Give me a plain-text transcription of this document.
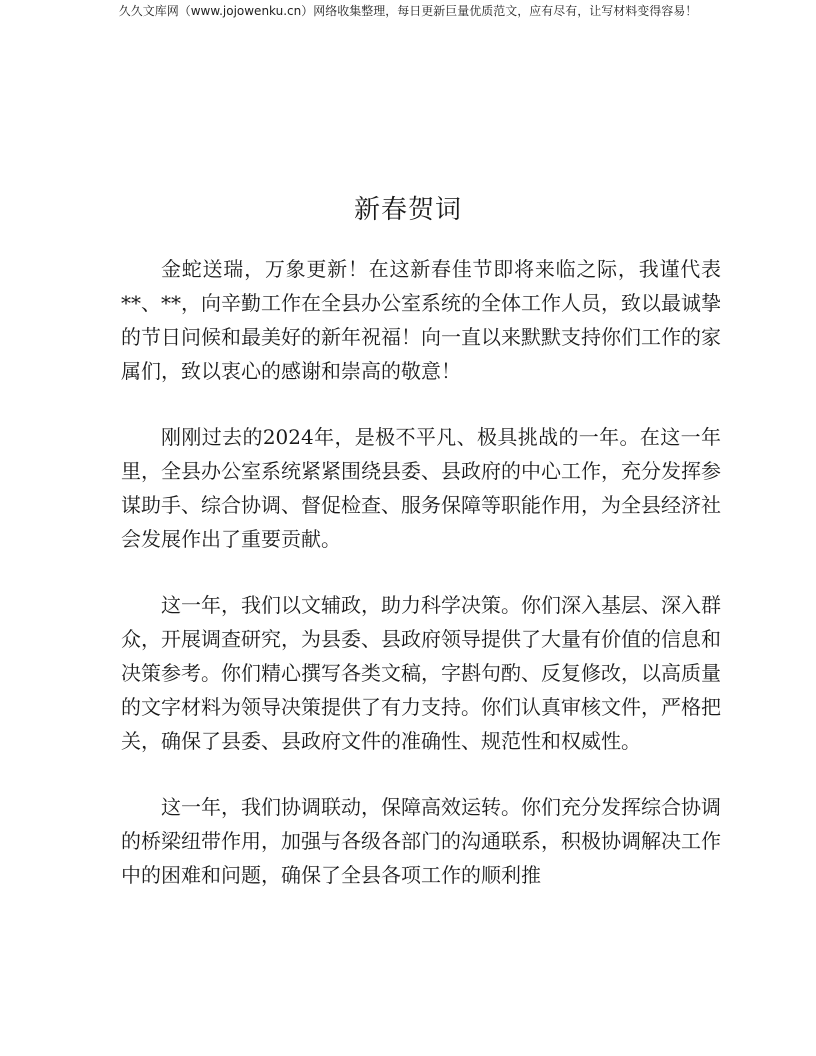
久久文库网（www.jojowenku.cn）网络收集整理，每日更新巨量优质范文，应有尽有，让写材料变得容易！
新春贺词

金蛇送瑞，万象更新！在这新春佳节即将来临之际，我谨代表**、**，向辛勤工作在全县办公室系统的全体工作人员，致以最诚挚的节日问候和最美好的新年祝福！向一直以来默默支持你们工作的家属们，致以衷心的感谢和崇高的敬意！

刚刚过去的2024年，是极不平凡、极具挑战的一年。在这一年里，全县办公室系统紧紧围绕县委、县政府的中心工作，充分发挥参谋助手、综合协调、督促检查、服务保障等职能作用，为全县经济社会发展作出了重要贡献。

这一年，我们以文辅政，助力科学决策。你们深入基层、深入群众，开展调查研究，为县委、县政府领导提供了大量有价值的信息和决策参考。你们精心撰写各类文稿，字斟句酌、反复修改，以高质量的文字材料为领导决策提供了有力支持。你们认真审核文件，严格把关，确保了县委、县政府文件的准确性、规范性和权威性。

这一年，我们协调联动，保障高效运转。你们充分发挥综合协调的桥梁纽带作用，加强与各级各部门的沟通联系，积极协调解决工作中的困难和问题，确保了全县各项工作的顺利推
